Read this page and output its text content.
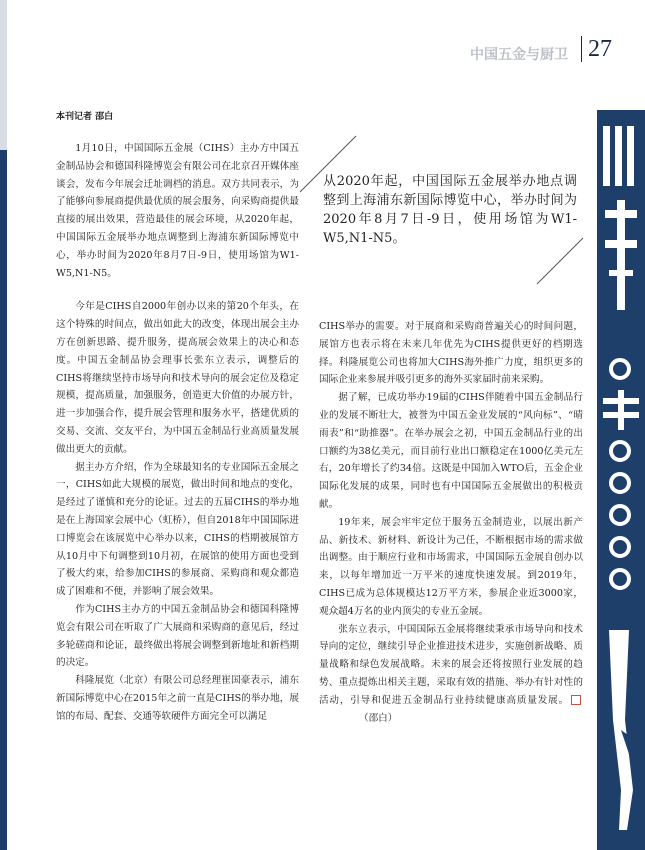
中国五金与厨卫 27
本刊记者 邵白
从2020年起，中国国际五金展举办地点调整到上海浦东新国际博览中心，举办时间为2020年8月7日-9日，使用场馆为W1-W5,N1-N5。

1月10日，中国国际五金展（CIHS）主办方中国五金制品协会和德国科隆博览会有限公司在北京召开媒体座谈会，发布今年展会迁址调档的消息。双方共同表示，为了能够向参展商提供最优质的展会服务，向采购商提供最直接的展出效果，营造最佳的展会环境，从2020年起，中国国际五金展举办地点调整到上海浦东新国际博览中心，举办时间为2020年8月7日-9日，使用场馆为W1-W5,N1-N5。

今年是CIHS自2000年创办以来的第20个年头，在这个特殊的时间点，做出如此大的改变，体现出展会主办方在创新思路、提升服务，提高展会效果上的决心和态度。中国五金制品协会理事长张东立表示，调整后的CIHS将继续坚持市场导向和技术导向的展会定位及稳定规模，提高质量，加强服务，创造更大价值的办展方针，进一步加强合作，提升展会管理和服务水平，搭建优质的交易、交流、交友平台，为中国五金制品行业高质量发展做出更大的贡献。

据主办方介绍，作为全球最知名的专业国际五金展之一，CIHS如此大规模的展览，做出时间和地点的变化，是经过了谨慎和充分的论证。过去的五届CIHS的举办地是在上海国家会展中心（虹桥），但自2018年中国国际进口博览会在该展览中心举办以来，CIHS的档期被展馆方从10月中下旬调整到10月初，在展馆的使用方面也受到了极大约束，给参加CIHS的参展商、采购商和观众都造成了困难和不便，并影响了展会效果。

作为CIHS主办方的中国五金制品协会和德国科隆博览会有限公司在听取了广大展商和采购商的意见后，经过多轮磋商和论证，最终做出将展会调整到新地址和新档期的决定。

科隆展览（北京）有限公司总经理崔国豪表示，浦东新国际博览中心在2015年之前一直是CIHS的举办地，展馆的布局、配套、交通等软硬件方面完全可以满足

CIHS举办的需要。对于展商和采购商普遍关心的时间问题，展馆方也表示将在未来几年优先为CIHS提供更好的档期选择。科隆展览公司也将加大CIHS海外推广力度，组织更多的国际企业来参展并吸引更多的海外买家届时前来采购。

据了解，已成功举办19届的CIHS伴随着中国五金制品行业的发展不断壮大，被誉为中国五金业发展的“风向标”、“晴雨表”和“助推器”。在举办展会之初，中国五金制品行业的出口额约为38亿美元，而目前行业出口额稳定在1000亿美元左右，20年增长了约34倍。这既是中国加入WTO后，五金企业国际化发展的成果，同时也有中国国际五金展做出的积极贡献。

19年来，展会牢牢定位于服务五金制造业，以展出新产品、新技术、新材料、新设计为己任，不断根据市场的需求做出调整。由于顺应行业和市场需求，中国国际五金展自创办以来，以每年增加近一万平米的速度快速发展。到2019年，CIHS已成为总体规模达12万平方米，参展企业近3000家，观众超4万名的业内顶尖的专业五金展。

张东立表示，中国国际五金展将继续秉承市场导向和技术导向的定位，继续引导企业推进技术进步，实施创新战略、质量战略和绿色发展战略。未来的展会还将按照行业发展的趋势、重点提炼出相关主题，采取有效的措施、举办有针对性的活动，引导和促进五金制品行业持续健康高质量发展。（邵白）
